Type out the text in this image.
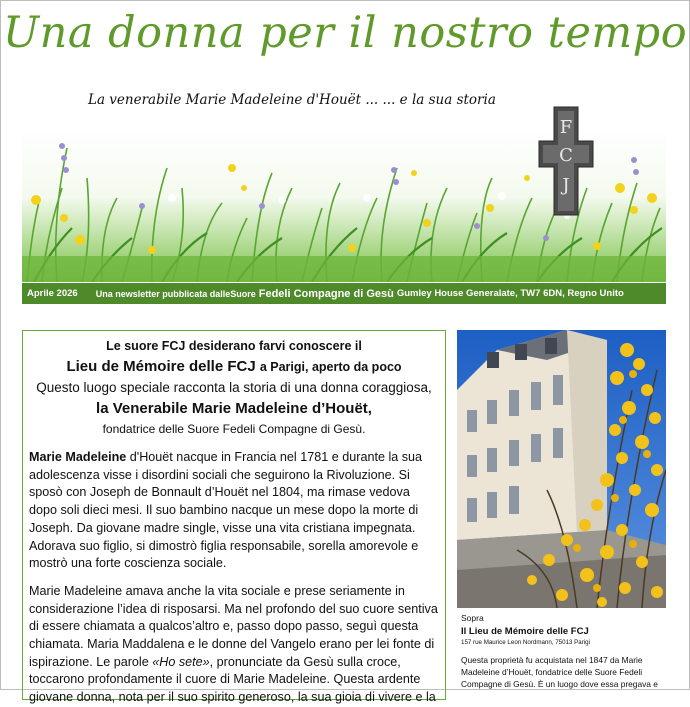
Una donna per il nostro tempo
La venerabile Marie Madeleine d'Houët ... ... e la sua storia
F
C
J
Aprile 2026 Una newsletter pubblicata dalleSuore Fedeli Compagne di Gesù Gumley House Generalate, TW7 6DN, Regno Unito
Le suore FCJ desiderano farvi conoscere il
Lieu de Mémoire delle FCJ a Parigi, aperto da poco
Questo luogo speciale racconta la storia di una donna coraggiosa,
la Venerabile Marie Madeleine d’Houët,
fondatrice delle Suore Fedeli Compagne di Gesù.

Marie Madeleine d'Houët nacque in Francia nel 1781 e durante la sua adolescenza visse i disordini sociali che seguirono la Rivoluzione. Si sposò con Joseph de Bonnault d’Houët nel 1804, ma rimase vedova dopo soli dieci mesi. Il suo bambino nacque un mese dopo la morte di Joseph. Da giovane madre single, visse una vita cristiana impegnata. Adorava suo figlio, si dimostrò figlia responsabile, sorella amorevole e mostrò una forte coscienza sociale.

Marie Madeleine amava anche la vita sociale e prese seriamente in considerazione l’idea di risposarsi. Ma nel profondo del suo cuore sentiva di essere chiamata a qualcos’altro e, passo dopo passo, seguì questa chiamata. Maria Maddalena e le donne del Vangelo erano per lei fonte di ispirazione. Le parole «Ho sete», pronunciate da Gesù sulla croce, toccarono profondamente il cuore di Marie Madeleine. Questa ardente giovane donna, nota per il suo spirito generoso, la sua gioia di vivere e la

Sopra
Il Lieu de Mémoire delle FCJ
157 rue Maurice Leon Nordmann, 75013 Parigi
Questa proprietà fu acquistata nel 1847 da Marie Madeleine d’Houët, fondatrice delle Suore Fedeli Compagne di Gesù. È un luogo dove essa pregava e
